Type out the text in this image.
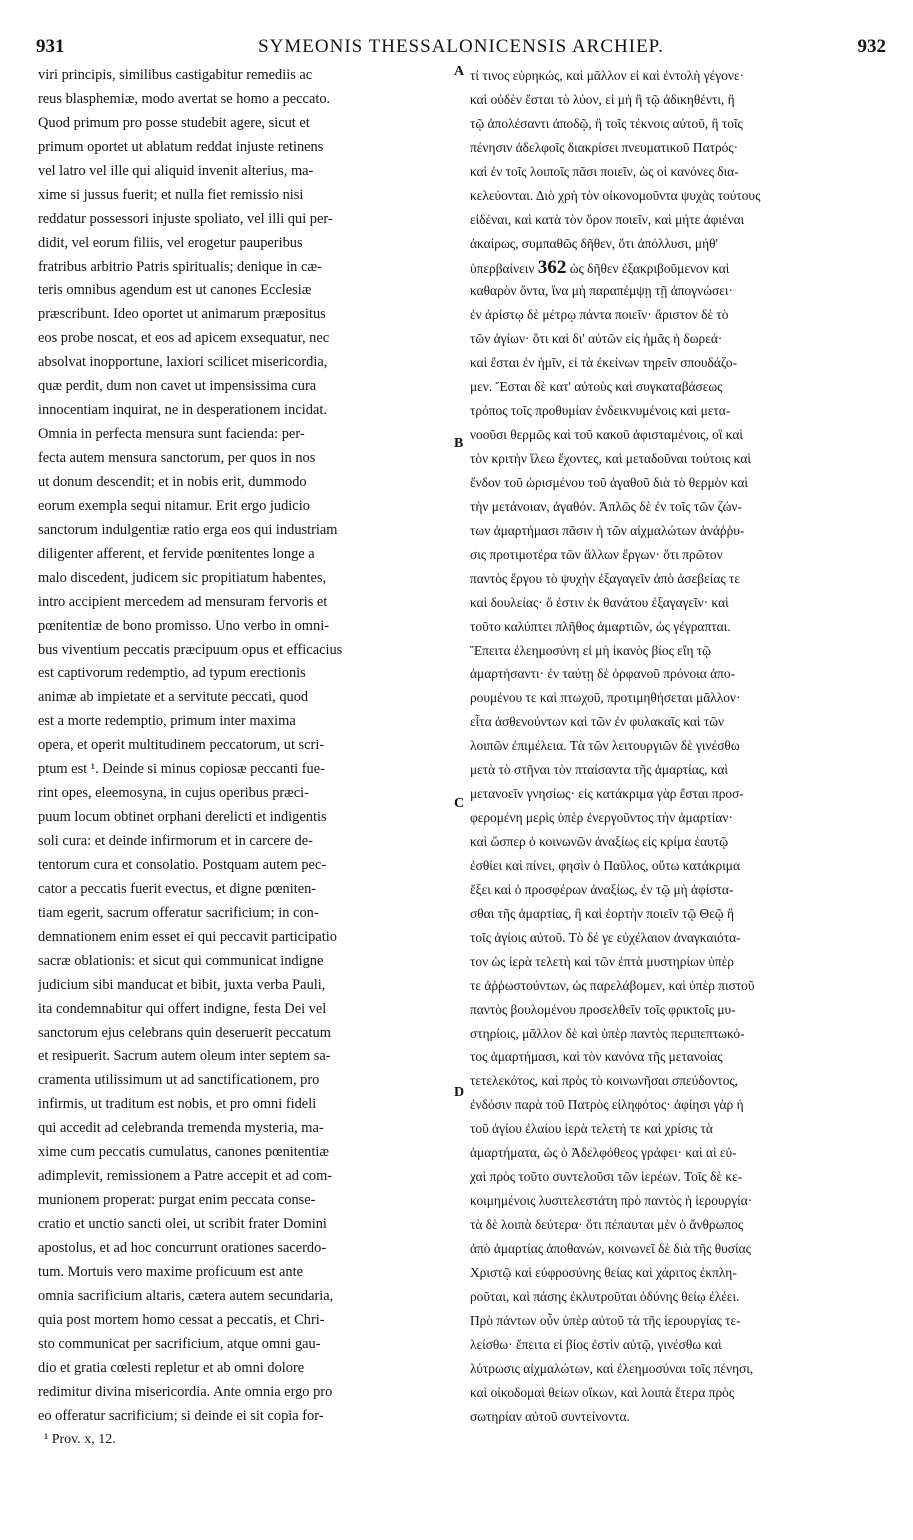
931	SYMEONIS THESSALONICENSIS ARCHIEP.	932
viri principis, similibus castigabitur remediis ac
reus blasphemiæ, modo avertat se homo a peccato.
Quod primum pro posse studebit agere, sicut et
primum oportet ut ablatum reddat injuste retinens
vel latro vel ille qui aliquid invenit alterius, ma-
xime si jussus fuerit; et nulla fiet remissio nisi
reddatur possessori injuste spoliato, vel illi qui per-
didit, vel eorum filiis, vel erogetur pauperibus
fratribus arbitrio Patris spiritualis; denique in cæ-
teris omnibus agendum est ut canones Ecclesiæ
præscribunt. Ideo oportet ut animarum præpositus
eos probe noscat, et eos ad apicem exsequatur, nec
absolvat inopportune, laxiori scilicet misericordia,
quæ perdit, dum non cavet ut impensissima cura
innocentiam inquirat, ne in desperationem incidat.
Omnia in perfecta mensura sunt facienda: per-
fecta autem mensura sanctorum, per quos in nos
ut donum descendit; et in nobis erit, dummodo
eorum exempla sequi nitamur. Erit ergo judicio
sanctorum indulgentiæ ratio erga eos qui industriam
diligenter afferent, et fervide pœnitentes longe a
malo discedent, judicem sic propitiatum habentes,
intro accipient mercedem ad mensuram fervoris et
pœnitentiæ de bono promisso. Uno verbo in omni-
bus viventium peccatis præcipuum opus et efficacius
est captivorum redemptio, ad typum erectionis
animæ ab impietate et a servitute peccati, quod
est a morte redemptio, primum inter maxima
opera, et operit multitudinem peccatorum, ut scri-
ptum est ¹. Deinde si minus copiosæ peccanti fue-
rint opes, eleemosyna, in cujus operibus præci-
puum locum obtinet orphani derelicti et indigentis
soli cura: et deinde infirmorum et in carcere de-
tentorum cura et consolatio. Postquam autem pec-
cator a peccatis fuerit evectus, et digne pœniten-
tiam egerit, sacrum offeratur sacrificium; in con-
demnationem enim esset ei qui peccavit participatio
sacræ oblationis: et sicut qui communicat indigne
judicium sibi manducat et bibit, juxta verba Pauli,
ita condemnabitur qui offert indigne, festa Dei vel
sanctorum ejus celebrans quin deseruerit peccatum
et resipuerit. Sacrum autem oleum inter septem sa-
cramenta utilissimum ut ad sanctificationem, pro
infirmis, ut traditum est nobis, et pro omni fideli
qui accedit ad celebranda tremenda mysteria, ma-
xime cum peccatis cumulatus, canones pœnitentiæ
adimplevit, remissionem a Patre accepit et ad com-
munionem properat: purgat enim peccata conse-
cratio et unctio sancti olei, ut scribit frater Domini
apostolus, et ad hoc concurrunt orationes sacerdo-
tum. Mortuis vero maxime proficuum est ante
omnia sacrificium altaris, cætera autem secundaria,
quia post mortem homo cessat a peccatis, et Chri-
sto communicat per sacrificium, atque omni gau-
dio et gratia cœlesti repletur et ab omni dolore
redimitur divina misericordia. Ante omnia ergo pro
eo offeratur sacrificium; si deinde ei sit copia for-
τί τινος εὑρηκώς, καὶ μᾶλλον εἰ καὶ ἐντολὴ γέγονε·
καὶ οὐδὲν ἔσται τὸ λύον, εἰ μὴ ἢ τῷ ἀδικηθέντι, ἢ
τῷ ἀπολέσαντι ἀποδῷ, ἢ τοῖς τέκνοις αὐτοῦ, ἢ τοῖς
πένησιν ἀδελφοῖς διακρίσει πνευματικοῦ Πατρός·
καὶ ἐν τοῖς λοιποῖς πᾶσι ποιεῖν, ὡς οἱ κανόνες δια-
κελεύονται. Διὸ χρὴ τὸν οἰκονομοῦντα ψυχὰς τούτους
εἰδέναι, καὶ κατὰ τὸν ὅρον ποιεῖν, καὶ μήτε ἀφιέναι
ἀκαίρως, συμπαθῶς δῆθεν, ὅτι ἀπόλλυσι, μήθ'
ὑπερβαίνειν 362 ὡς δῆθεν ἐξακριβοῦμενον καὶ
καθαρὸν ὄντα, ἵνα μὴ παραπέμψῃ τῇ ἀπογνώσει·
ἐν ἀρίστῳ δὲ μέτρῳ πάντα ποιεῖν· ἄριστον δὲ τὸ
τῶν ἁγίων· ὅτι καὶ δι' αὐτῶν εἰς ἡμᾶς ἡ δωρεά·
καὶ ἔσται ἐν ἡμῖν, εἰ τὰ ἐκείνων τηρεῖν σπουδάζο-
μεν. Ἔσται δὲ κατ' αὐτοὺς καὶ συγκαταβάσεως
τρόπος τοῖς προθυμίαν ἐνδεικνυμένοις καὶ μετα-
νοοῦσι θερμῶς καὶ τοῦ κακοῦ ἀφισταμένοις, οἳ καὶ
τὸν κριτὴν ἵλεω ἔχοντες, καὶ μεταδοῦναι τούτοις καὶ
ἔνδον τοῦ ὡρισμένου τοῦ ἀγαθοῦ διὰ τὸ θερμὸν καὶ
τὴν μετάνοιαν, ἀγαθόν. Ἁπλῶς δὲ ἐν τοῖς τῶν ζών-
των ἁμαρτήμασι πᾶσιν ἡ τῶν αἰχμαλώτων ἀνάῤῥυ-
σις προτιμοτέρα τῶν ἄλλων ἔργων· ὅτι πρῶτον
παντὸς ἔργου τὸ ψυχὴν ἐξαγαγεῖν ἀπὸ ἀσεβείας τε
καὶ δουλείας· ὅ ἐστιν ἐκ θανάτου ἐξαγαγεῖν· καὶ
τοῦτο καλύπτει πλῆθος ἁμαρτιῶν, ὡς γέγραπται.
Ἔπειτα ἐλεημοσύνη εἰ μὴ ἱκανὸς βίος εἴη τῷ
ἁμαρτήσαντι· ἐν ταύτῃ δὲ ὀρφανοῦ πρόνοια ἀπο-
ρουμένου τε καὶ πτωχοῦ, προτιμηθήσεται μᾶλλον·
εἶτα ἀσθενούντων καὶ τῶν ἐν φυλακαῖς καὶ τῶν
λοιπῶν ἐπιμέλεια. Τὰ τῶν λειτουργιῶν δὲ γινέσθω
μετὰ τὸ στῆναι τὸν πταίσαντα τῆς ἁμαρτίας, καὶ
μετανοεῖν γνησίως· εἰς κατάκριμα γὰρ ἔσται προσ-
φερομένη μερὶς ὑπὲρ ἐνεργοῦντος τὴν ἁμαρτίαν·
καὶ ὥσπερ ὁ κοινωνῶν ἀναξίως εἰς κρίμα ἑαυτῷ
ἐσθίει καὶ πίνει, φησὶν ὁ Παῦλος, οὕτω κατάκριμα
ἕξει καὶ ὁ προσφέρων ἀναξίως, ἐν τῷ μὴ ἀφίστα-
σθαι τῆς ἁμαρτίας, ἢ καὶ ἑορτὴν ποιεῖν τῷ Θεῷ ἢ
τοῖς ἁγίοις αὐτοῦ. Τὸ δέ γε εὐχέλαιον ἀναγκαιότα-
τον ὡς ἱερὰ τελετὴ καὶ τῶν ἑπτὰ μυστηρίων ὑπὲρ
τε ἀῤῥωστούντων, ὡς παρελάβομεν, καὶ ὑπὲρ πιστοῦ
παντὸς βουλομένου προσελθεῖν τοῖς φρικτοῖς μυ-
στηρίοις, μᾶλλον δὲ καὶ ὑπὲρ παντὸς περιπεπτωκό-
τος ἁμαρτήμασι, καὶ τὸν κανόνα τῆς μετανοίας
τετελεκότος, καὶ πρὸς τὸ κοινωνῆσαι σπεύδοντος,
ἐνδόσιν παρὰ τοῦ Πατρὸς εἰληφότος· ἀφίησι γὰρ ἡ
τοῦ ἁγίου ἐλαίου ἱερὰ τελετή τε καὶ χρίσις τὰ
ἁμαρτήματα, ὡς ὁ Ἀδελφόθεος γράφει· καὶ αἱ εὐ-
χαὶ πρὸς τοῦτο συντελοῦσι τῶν ἱερέων. Τοῖς δὲ κε-
κοιμημένοις λυσιτελεστάτη πρὸ παντὸς ἡ ἱερουργία·
τὰ δὲ λοιπὰ δεύτερα· ὅτι πέπαυται μὲν ὁ ἄνθρωπος
ἀπὸ ἁμαρτίας ἀποθανών, κοινωνεῖ δὲ διὰ τῆς θυσίας
Χριστῷ καὶ εὐφροσύνης θείας καὶ χάριτος ἐκπλη-
ροῦται, καὶ πάσης ἐκλυτροῦται ὀδύνης θείῳ ἐλέει.
Πρὸ πάντων οὖν ὑπὲρ αὐτοῦ τὰ τῆς ἱερουργίας τε-
λείσθω· ἔπειτα εἰ βίος ἐστὶν αὐτῷ, γινέσθω καὶ
λύτρωσις αἰχμαλώτων, καὶ ἐλεημοσύναι τοῖς πένησι,
καὶ οἰκοδομαὶ θείων οἴκων, καὶ λοιπὰ ἕτερα πρὸς
σωτηρίαν αὐτοῦ συντείνοντα.
A
B
C
D
¹ Prov. x, 12.
